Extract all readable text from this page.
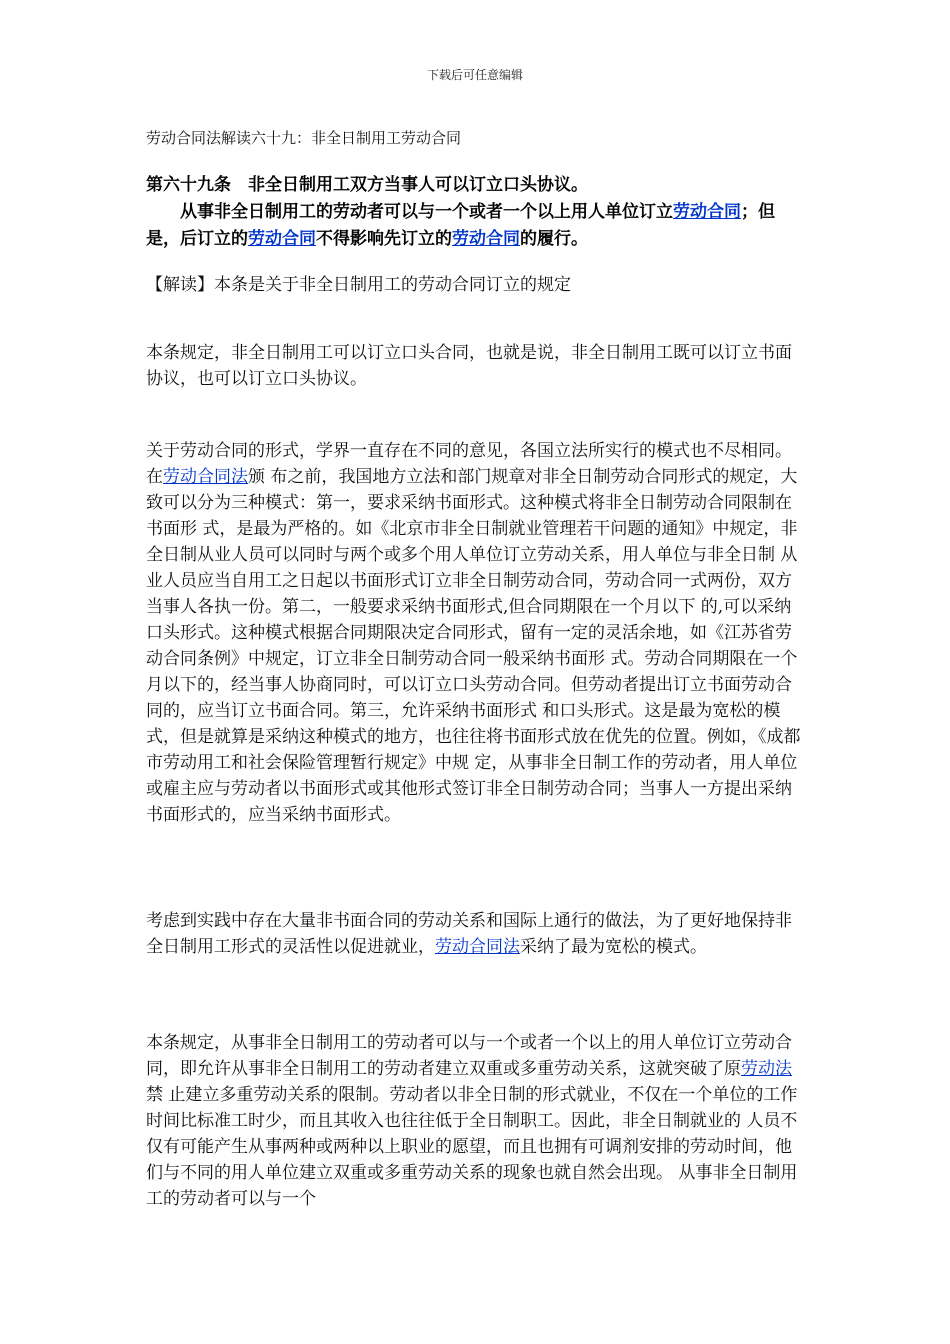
下载后可任意编辑
劳动合同法解读六十九：非全日制用工劳动合同

第六十九条　非全日制用工双方当事人可以订立口头协议。

从事非全日制用工的劳动者可以与一个或者一个以上用人单位订立劳动合同；但是，后订立的劳动合同不得影响先订立的劳动合同的履行。

【解读】本条是关于非全日制用工的劳动合同订立的规定

本条规定，非全日制用工可以订立口头合同，也就是说，非全日制用工既可以订立书面协议，也可以订立口头协议。

关于劳动合同的形式，学界一直存在不同的意见，各国立法所实行的模式也不尽相同。在劳动合同法颁 布之前，我国地方立法和部门规章对非全日制劳动合同形式的规定，大致可以分为三种模式：第一，要求采纳书面形式。这种模式将非全日制劳动合同限制在书面形 式，是最为严格的。如《北京市非全日制就业管理若干问题的通知》中规定，非全日制从业人员可以同时与两个或多个用人单位订立劳动关系，用人单位与非全日制 从业人员应当自用工之日起以书面形式订立非全日制劳动合同，劳动合同一式两份，双方当事人各执一份。第二，一般要求采纳书面形式,但合同期限在一个月以下 的,可以采纳口头形式。这种模式根据合同期限决定合同形式，留有一定的灵活余地，如《江苏省劳动合同条例》中规定，订立非全日制劳动合同一般采纳书面形 式。劳动合同期限在一个月以下的，经当事人协商同时，可以订立口头劳动合同。但劳动者提出订立书面劳动合同的，应当订立书面合同。第三，允许采纳书面形式 和口头形式。这是最为宽松的模式，但是就算是采纳这种模式的地方，也往往将书面形式放在优先的位置。例如，《成都市劳动用工和社会保险管理暂行规定》中规 定，从事非全日制工作的劳动者，用人单位或雇主应与劳动者以书面形式或其他形式签订非全日制劳动合同；当事人一方提出采纳书面形式的，应当采纳书面形式。

考虑到实践中存在大量非书面合同的劳动关系和国际上通行的做法，为了更好地保持非全日制用工形式的灵活性以促进就业，劳动合同法采纳了最为宽松的模式。

本条规定，从事非全日制用工的劳动者可以与一个或者一个以上的用人单位订立劳动合同，即允许从事非全日制用工的劳动者建立双重或多重劳动关系，这就突破了原劳动法禁 止建立多重劳动关系的限制。劳动者以非全日制的形式就业，不仅在一个单位的工作时间比标准工时少，而且其收入也往往低于全日制职工。因此，非全日制就业的 人员不仅有可能产生从事两种或两种以上职业的愿望，而且也拥有可调剂安排的劳动时间，他们与不同的用人单位建立双重或多重劳动关系的现象也就自然会出现。 从事非全日制用工的劳动者可以与一个
